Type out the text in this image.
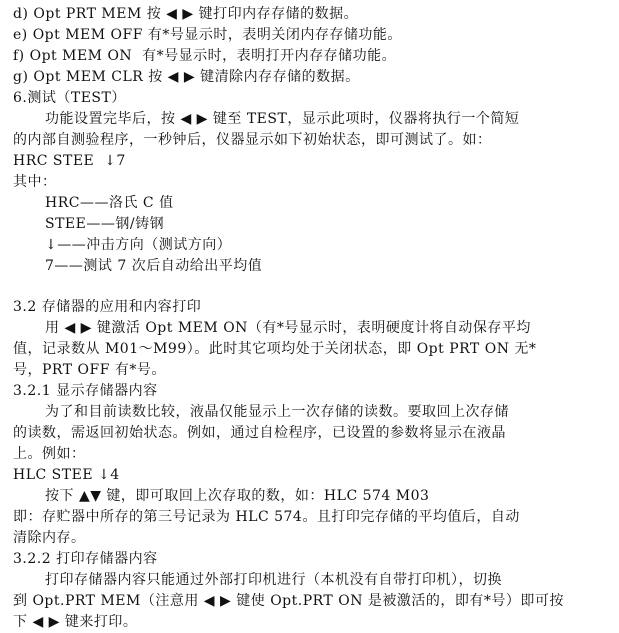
d) Opt PRT MEM 按 ◀ ▶ 键打印内存存储的数据。
e) Opt MEM OFF 有*号显示时，表明关闭内存存储功能。
f) Opt MEM ON  有*号显示时，表明打开内存存储功能。
g) Opt MEM CLR 按 ◀ ▶ 键清除内存存储的数据。
6.测试（TEST）
功能设置完毕后，按 ◀ ▶ 键至 TEST，显示此项时，仪器将执行一个简短
的内部自测验程序，一秒钟后，仪器显示如下初始状态，即可测试了。如：
HRC STEE  ↓7
其中：
HRC——洛氏 C 值
STEE——钢/铸钢
↓——冲击方向（测试方向）
7——测试 7 次后自动给出平均值
3.2 存储器的应用和内容打印
用 ◀ ▶ 键激活 Opt MEM ON（有*号显示时，表明硬度计将自动保存平均
值，记录数从 M01～M99）。此时其它项均处于关闭状态，即 Opt PRT ON 无*
号，PRT OFF 有*号。
3.2.1 显示存储器内容
为了和目前读数比较，液晶仅能显示上一次存储的读数。要取回上次存储
的读数，需返回初始状态。例如，通过自检程序，已设置的参数将显示在液晶
上。例如：
HLC STEE ↓4
按下 ▲▼ 键，即可取回上次存取的数，如：HLC 574 M03
即：存贮器中所存的第三号记录为 HLC 574。且打印完存储的平均值后，自动
清除内存。
3.2.2 打印存储器内容
打印存储器内容只能通过外部打印机进行（本机没有自带打印机），切换
到 Opt.PRT MEM（注意用 ◀ ▶ 键使 Opt.PRT ON 是被激活的，即有*号）即可按
下 ◀ ▶ 键来打印。
